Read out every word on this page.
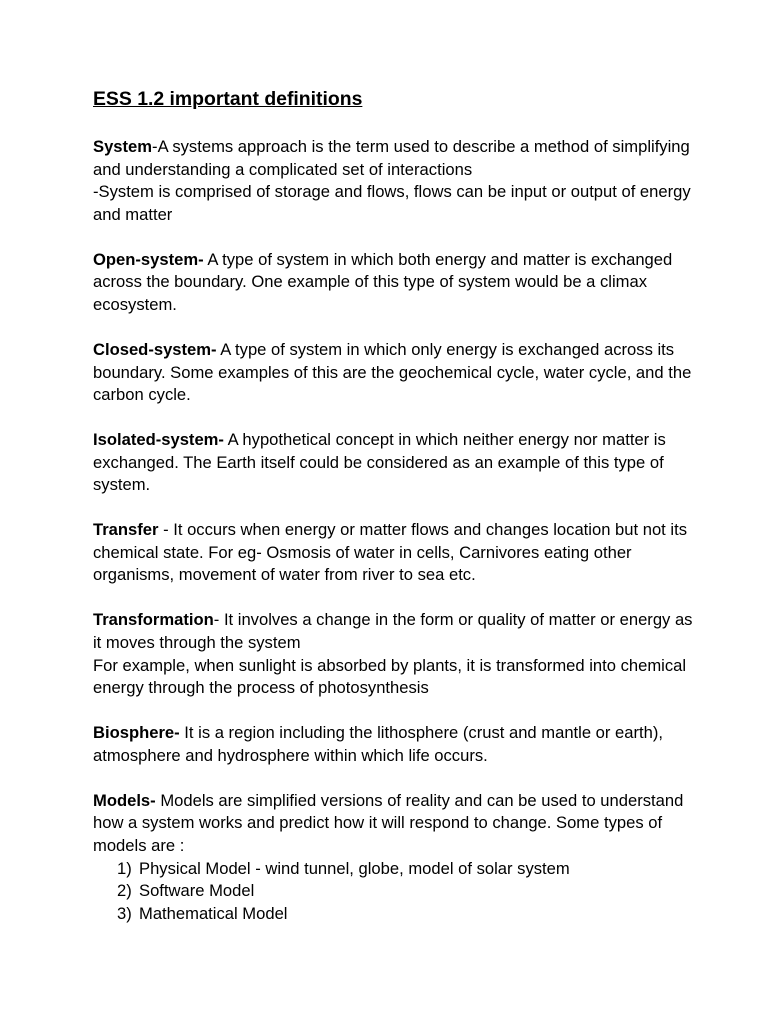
ESS 1.2 important definitions

System-A systems approach is the term used to describe a method of simplifying and understanding a complicated set of interactions

-System is comprised of storage and flows, flows can be input or output of energy and matter

Open-system- A type of system in which both energy and matter is exchanged across the boundary. One example of this type of system would be a climax ecosystem.

Closed-system- A type of system in which only energy is exchanged across its boundary. Some examples of this are the geochemical cycle, water cycle, and the carbon cycle.

Isolated-system- A hypothetical concept in which neither energy nor matter is exchanged. The Earth itself could be considered as an example of this type of system.

Transfer - It occurs when energy or matter flows and changes location but not its chemical state. For eg- Osmosis of water in cells, Carnivores eating other organisms, movement of water from river to sea etc.

Transformation- It involves a change in the form or quality of matter or energy as it moves through the system

For example, when sunlight is absorbed by plants, it is transformed into chemical energy through the process of photosynthesis

Biosphere- It is a region including the lithosphere (crust and mantle or earth), atmosphere and hydrosphere within which life occurs.

Models- Models are simplified versions of reality and can be used to understand how a system works and predict how it will respond to change. Some types of models are :

1) Physical Model - wind tunnel, globe, model of solar system
2) Software Model
3) Mathematical Model
